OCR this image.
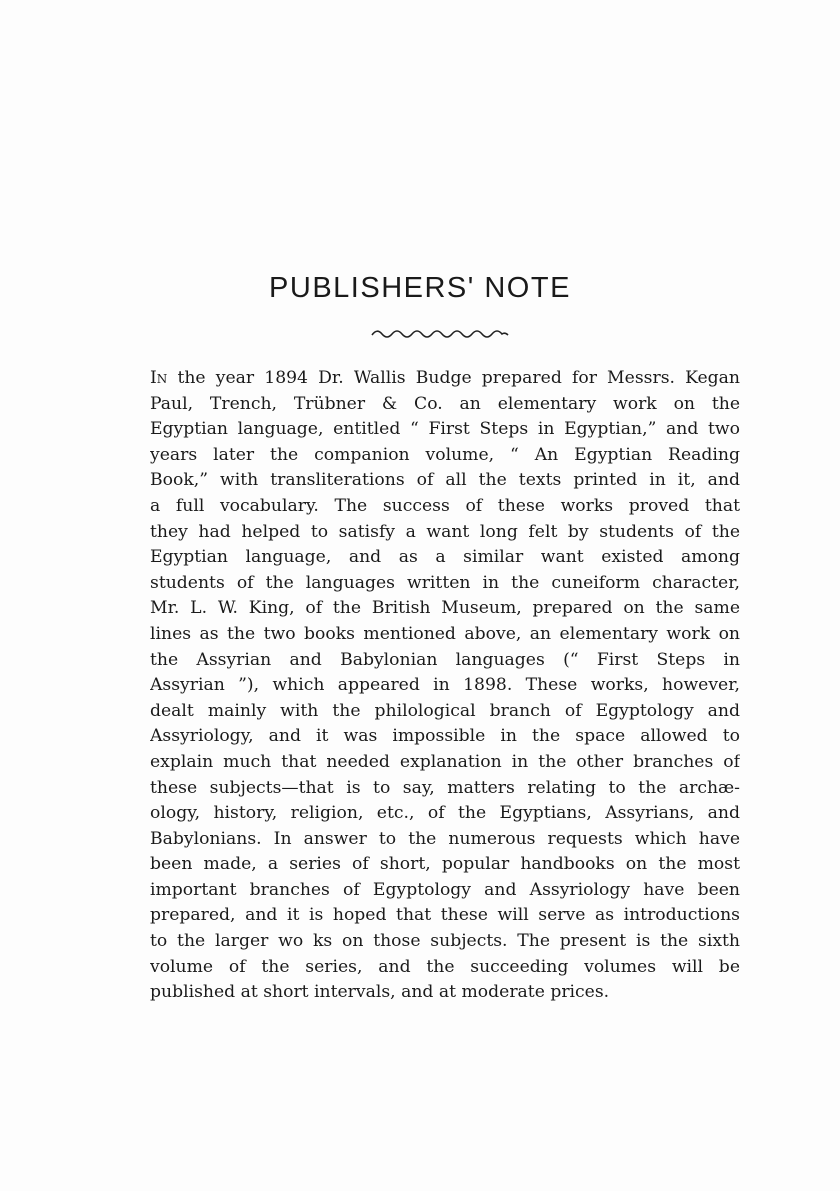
PUBLISHERS' NOTE
In the year 1894 Dr. Wallis Budge prepared for Messrs. Kegan
Paul, Trench, Trübner & Co. an elementary work on the
Egyptian language, entitled “ First Steps in Egyptian,” and two
years later the companion volume, “ An Egyptian Reading
Book,” with transliterations of all the texts printed in it, and
a full vocabulary. The success of these works proved that
they had helped to satisfy a want long felt by students of the
Egyptian language, and as a similar want existed among
students of the languages written in the cuneiform character,
Mr. L. W. King, of the British Museum, prepared on the same
lines as the two books mentioned above, an elementary work on
the Assyrian and Babylonian languages (“ First Steps in
Assyrian ”), which appeared in 1898. These works, however,
dealt mainly with the philological branch of Egyptology and
Assyriology, and it was impossible in the space allowed to
explain much that needed explanation in the other branches of
these subjects—that is to say, matters relating to the archæ-
ology, history, religion, etc., of the Egyptians, Assyrians, and
Babylonians. In answer to the numerous requests which have
been made, a series of short, popular handbooks on the most
important branches of Egyptology and Assyriology have been
prepared, and it is hoped that these will serve as introductions
to the larger wo ks on those subjects. The present is the sixth
volume of the series, and the succeeding volumes will be
published at short intervals, and at moderate prices.
